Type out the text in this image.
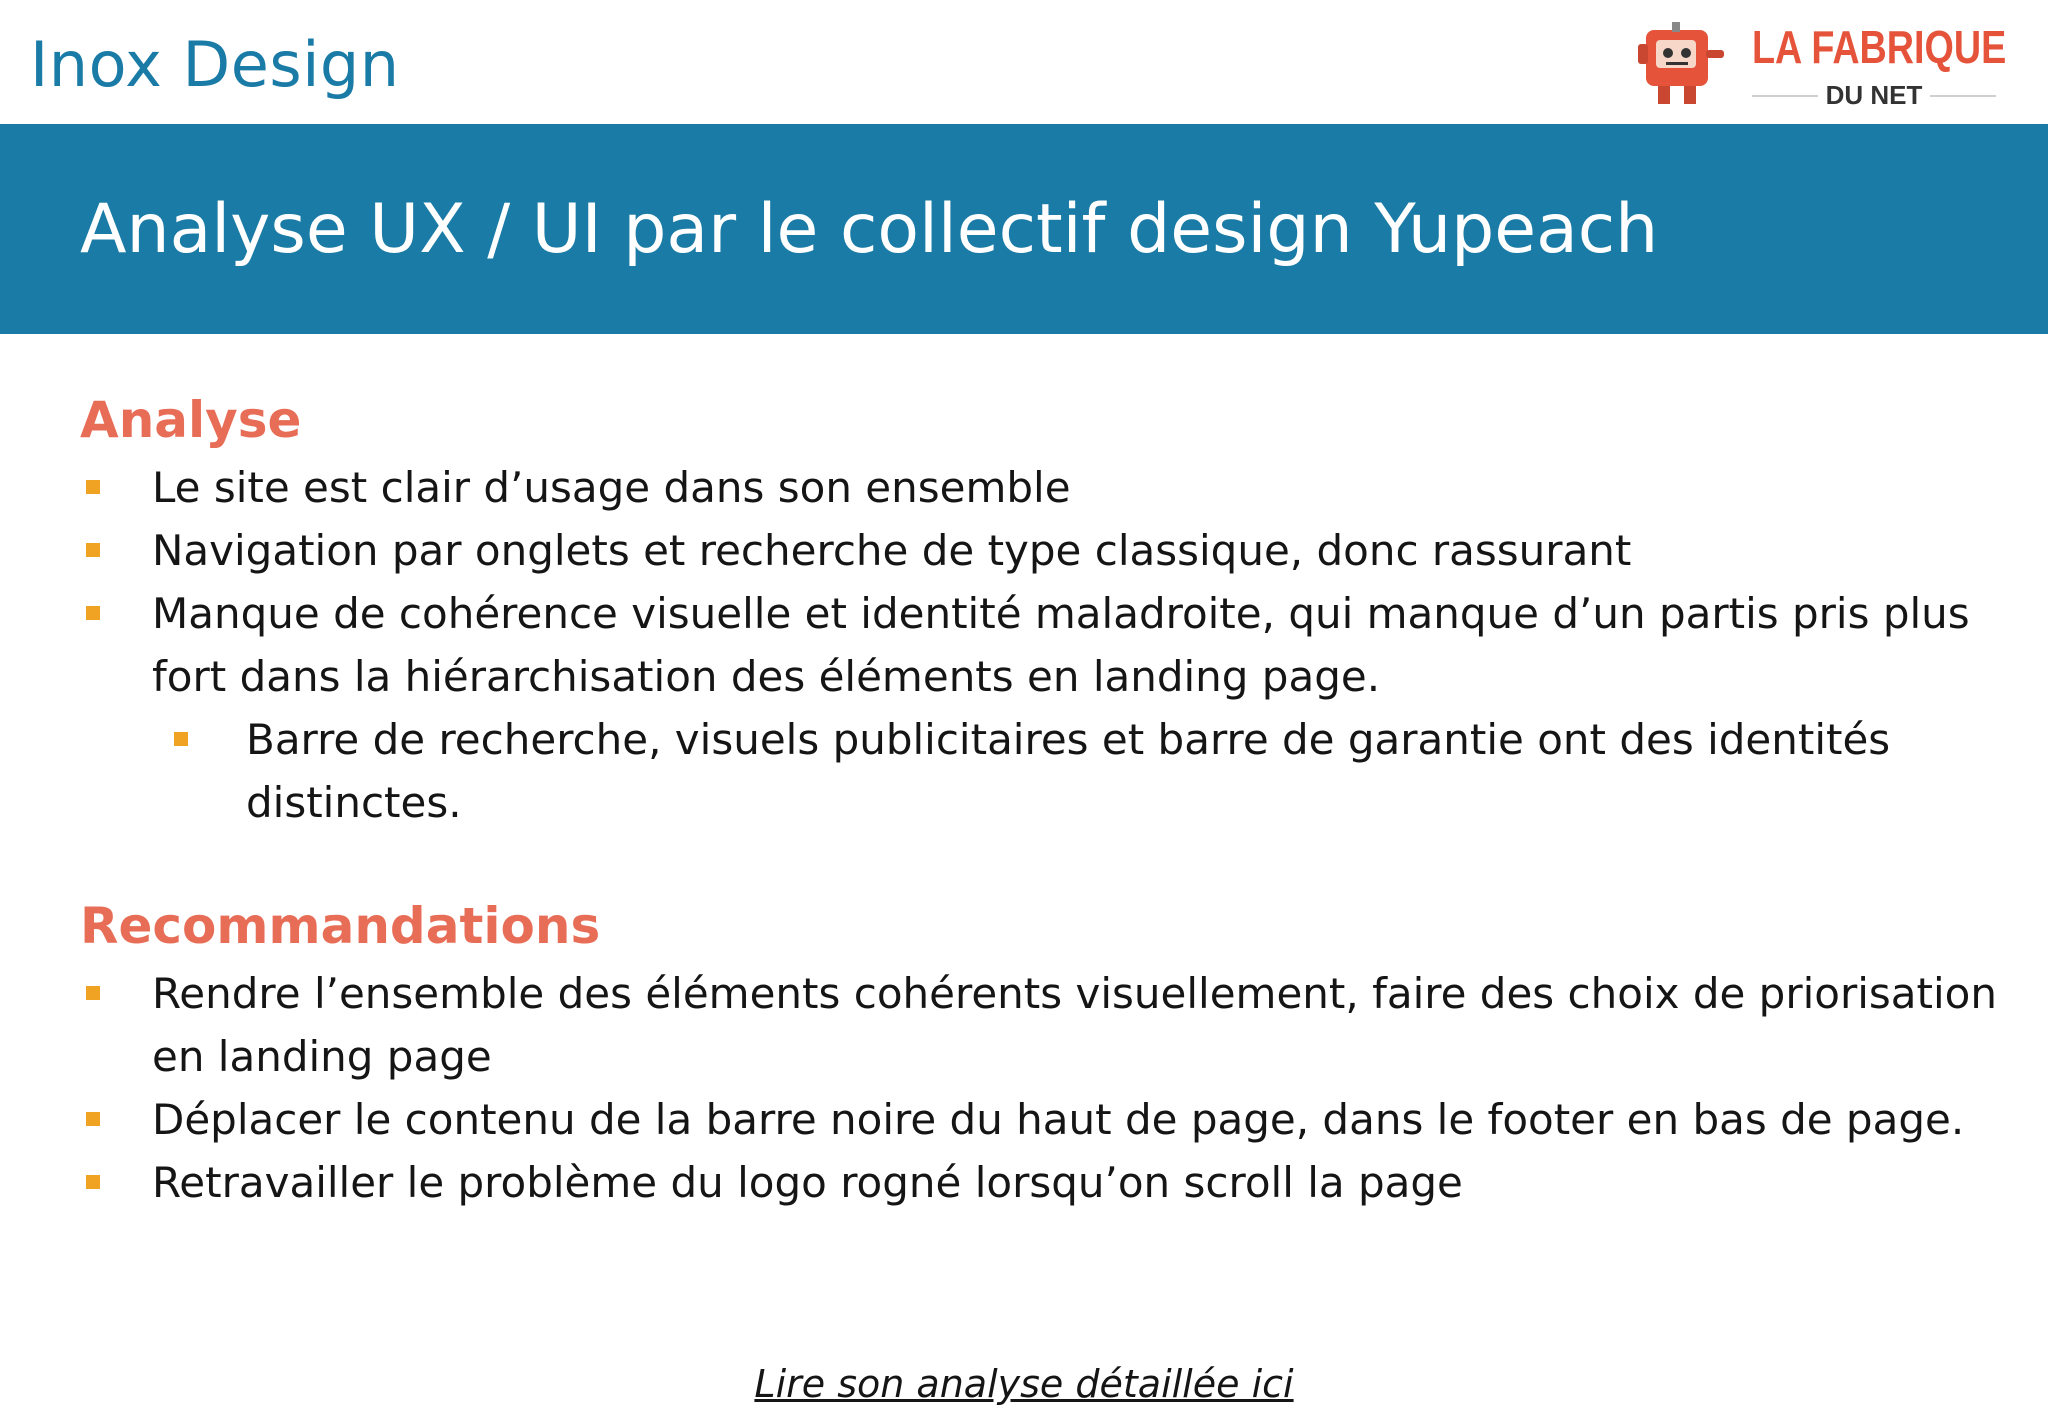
Inox Design	LA FABRIQUE
DU NET
Analyse UX / UI par le collectif design Yupeach
Analyse
Le site est clair d’usage dans son ensemble
Navigation par onglets et recherche de type classique, donc rassurant
Manque de cohérence visuelle et identité maladroite, qui manque d’un partis pris plus fort dans la hiérarchisation des éléments en landing page.
Barre de recherche, visuels publicitaires et barre de garantie ont des identités distinctes.
Recommandations
Rendre l’ensemble des éléments cohérents visuellement, faire des choix de priorisation en landing page
Déplacer le contenu de la barre noire du haut de page, dans le footer en bas de page.
Retravailler le problème du logo rogné lorsqu’on scroll la page
Lire son analyse détaillée ici
